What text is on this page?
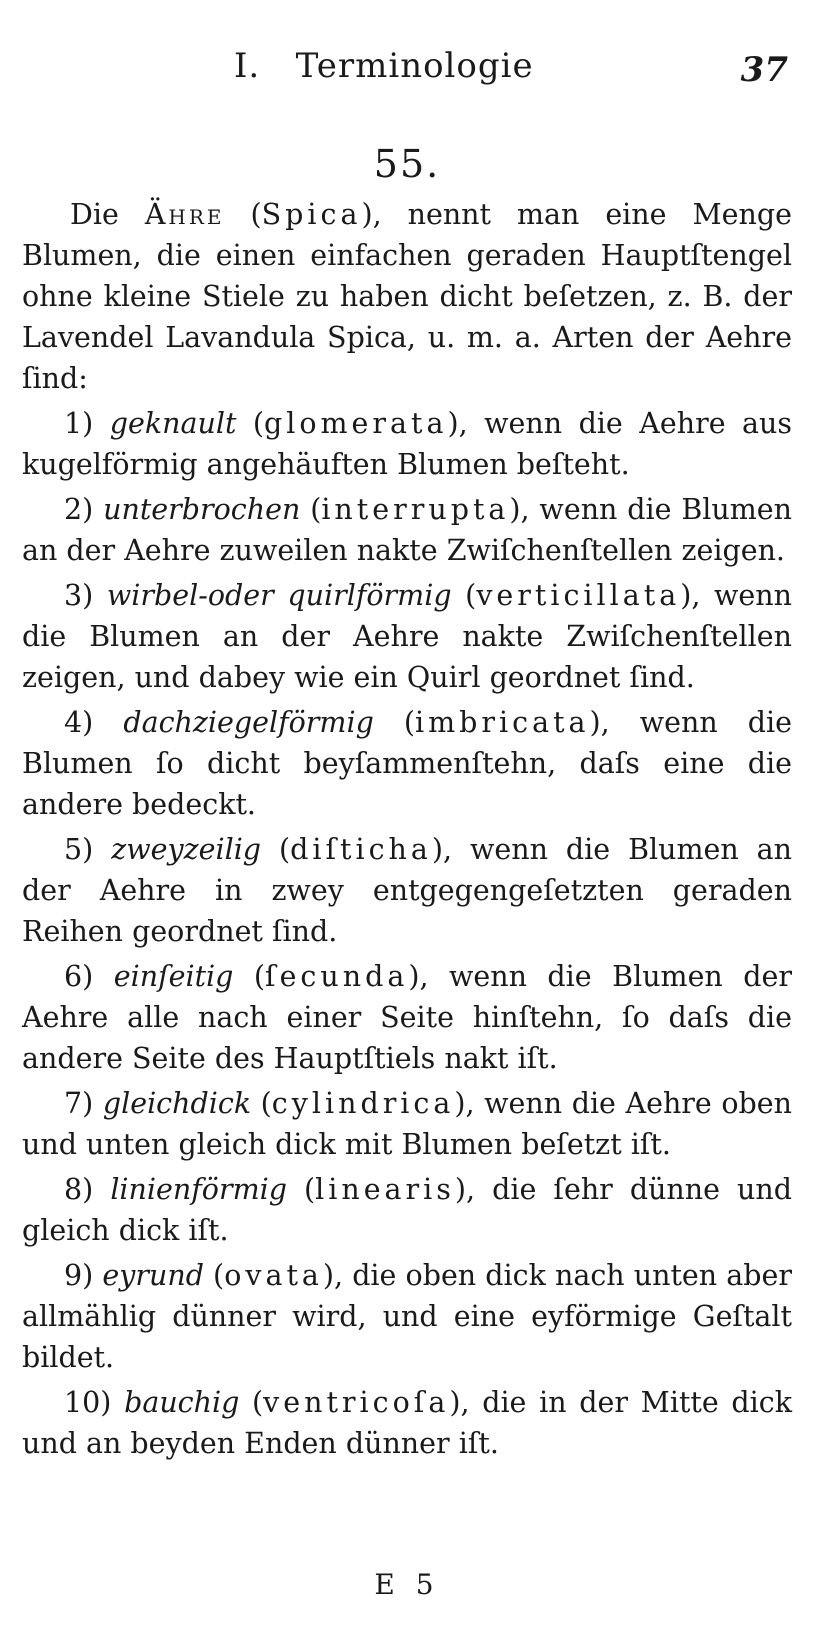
I.   Terminologie	37
55.

Die Ähre (Spica), nennt man eine Menge Blumen, die einen einfachen geraden Hauptſtengel ohne kleine Stiele zu haben dicht beſetzen, z. B. der Lavendel Lavandula Spica, u. m. a. Arten der Aehre ſind:

1) geknault (glomerata), wenn die Aehre aus kugelförmig angehäuften Blumen beſteht.

2) unterbrochen (interrupta), wenn die Blumen an der Aehre zuweilen nakte Zwiſchenſtellen zeigen.

3) wirbel-oder quirlförmig (verticillata), wenn die Blumen an der Aehre nakte Zwiſchenſtellen zeigen, und dabey wie ein Quirl geordnet ſind.

4) dachziegelförmig (imbricata), wenn die Blumen ſo dicht beyſammenſtehn, daſs eine die andere bedeckt.

5) zweyzeilig (diſticha), wenn die Blumen an der Aehre in zwey entgegengeſetzten geraden Reihen geordnet ſind.

6) einſeitig (ſecunda), wenn die Blumen der Aehre alle nach einer Seite hinſtehn, ſo daſs die andere Seite des Hauptſtiels nakt iſt.

7) gleichdick (cylindrica), wenn die Aehre oben und unten gleich dick mit Blumen beſetzt iſt.

8) linienförmig (linearis), die ſehr dünne und gleich dick iſt.

9) eyrund (ovata), die oben dick nach unten aber allmählig dünner wird, und eine eyförmige Geſtalt bildet.

10) bauchig (ventricoſa), die in der Mitte dick und an beyden Enden dünner iſt.

E 5
